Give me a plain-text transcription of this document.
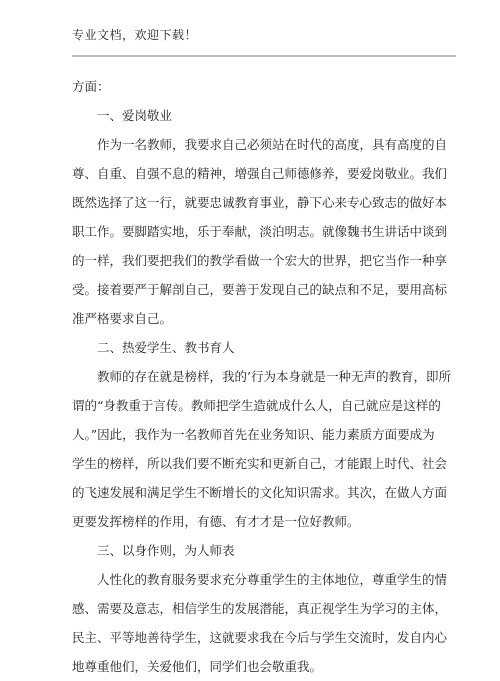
专业文档，欢迎下载！
方面：
一、爱岗敬业
作为一名教师，我要求自己必须站在时代的高度，具有高度的自
尊、自重、自强不息的精神，增强自己师德修养，要爱岗敬业。我们
既然选择了这一行，就要忠诚教育事业，静下心来专心致志的做好本
职工作。要脚踏实地，乐于奉献，淡泊明志。就像魏书生讲话中谈到
的一样，我们要把我们的教学看做一个宏大的世界，把它当作一种享
受。接着要严于解剖自己，要善于发现自己的缺点和不足，要用高标
准严格要求自己。
二、热爱学生、教书育人
教师的存在就是榜样，我的’行为本身就是一种无声的教育，即所
谓的“身教重于言传。教师把学生造就成什么人，自己就应是这样的
人。”因此，我作为一名教师首先在业务知识、能力素质方面要成为
学生的榜样，所以我们要不断充实和更新自己，才能跟上时代、社会
的飞速发展和满足学生不断增长的文化知识需求。其次，在做人方面
更要发挥榜样的作用，有德、有才才是一位好教师。
三、以身作则，为人师表
人性化的教育服务要求充分尊重学生的主体地位，尊重学生的情
感、需要及意志，相信学生的发展潜能，真正视学生为学习的主体，
民主、平等地善待学生，这就要求我在今后与学生交流时，发自内心
地尊重他们，关爱他们，同学们也会敬重我。
